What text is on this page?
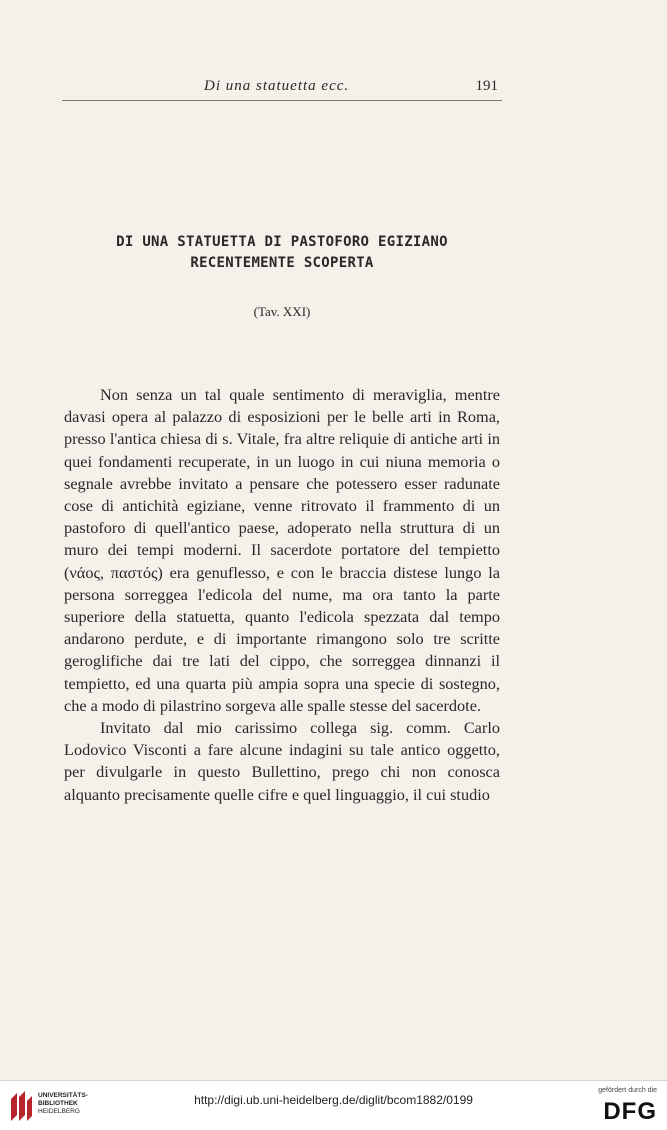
Di una statuetta ecc.	191
DI UNA STATUETTA DI PASTOFORO EGIZIANO
RECENTEMENTE SCOPERTA
(Tav. XXI)

Non senza un tal quale sentimento di meraviglia, mentre davasi opera al palazzo di esposizioni per le belle arti in Roma, presso l'antica chiesa di s. Vitale, fra altre reliquie di antiche arti in quei fondamenti recuperate, in un luogo in cui niuna memoria o segnale avrebbe invitato a pensare che potessero esser radunate cose di antichità egiziane, venne ritrovato il frammento di un pastoforo di quell'antico paese, adoperato nella struttura di un muro dei tempi moderni. Il sacerdote portatore del tempietto (νάος, παστός) era genuflesso, e con le braccia distese lungo la persona sorreggea l'edicola del nume, ma ora tanto la parte superiore della statuetta, quanto l'edicola spezzata dal tempo andarono perdute, e di importante rimangono solo tre scritte geroglifiche dai tre lati del cippo, che sorreggea dinnanzi il tempietto, ed una quarta più ampia sopra una specie di sostegno, che a modo di pilastrino sorgeva alle spalle stesse del sacerdote.

Invitato dal mio carissimo collega sig. comm. Carlo Lodovico Visconti a fare alcune indagini su tale antico oggetto, per divulgarle in questo Bullettino, prego chi non conosca alquanto precisamente quelle cifre e quel linguaggio, il cui studio

UNIVERSITÄTS-
BIBLIOTHEK
HEIDELBERG
http://digi.ub.uni-heidelberg.de/diglit/bcom1882/0199
gefördert durch die
DFG
